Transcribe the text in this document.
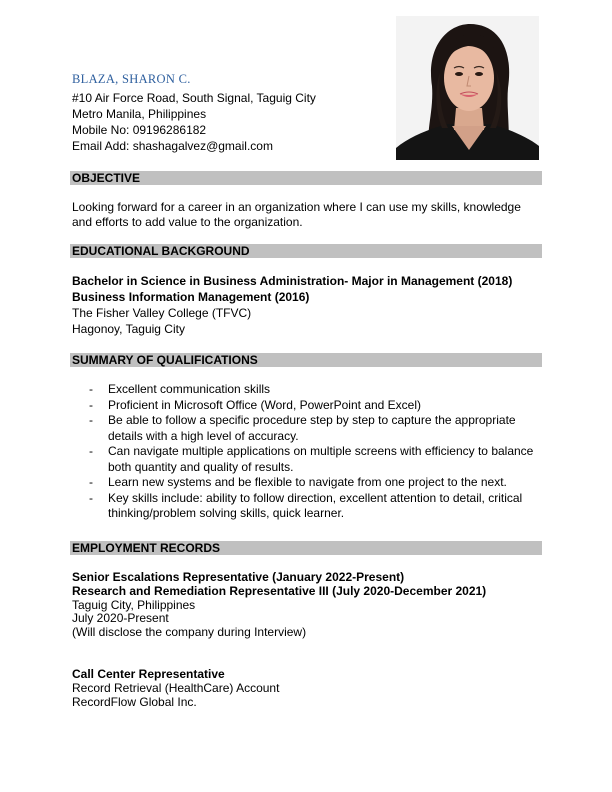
BLAZA, SHARON C.
#10 Air Force Road, South Signal, Taguig City
Metro Manila, Philippines
Mobile No: 09196286182
Email Add: shashagalvez@gmail.com
OBJECTIVE
Looking forward for a career in an organization where I can use my skills, knowledge
and efforts to add value to the organization.
EDUCATIONAL BACKGROUND
Bachelor in Science in Business Administration- Major in Management (2018)
Business Information Management (2016)
The Fisher Valley College (TFVC)
Hagonoy, Taguig City
SUMMARY OF QUALIFICATIONS
- Excellent communication skills
- Proficient in Microsoft Office (Word, PowerPoint and Excel)
- Be able to follow a specific procedure step by step to capture the appropriate
details with a high level of accuracy.
- Can navigate multiple applications on multiple screens with efficiency to balance
both quantity and quality of results.
- Learn new systems and be flexible to navigate from one project to the next.
- Key skills include: ability to follow direction, excellent attention to detail, critical
thinking/problem solving skills, quick learner.
EMPLOYMENT RECORDS
Senior Escalations Representative (January 2022-Present)
Research and Remediation Representative III (July 2020-December 2021)
Taguig City, Philippines
July 2020-Present
(Will disclose the company during Interview)
Call Center Representative
Record Retrieval (HealthCare) Account
RecordFlow Global Inc.
